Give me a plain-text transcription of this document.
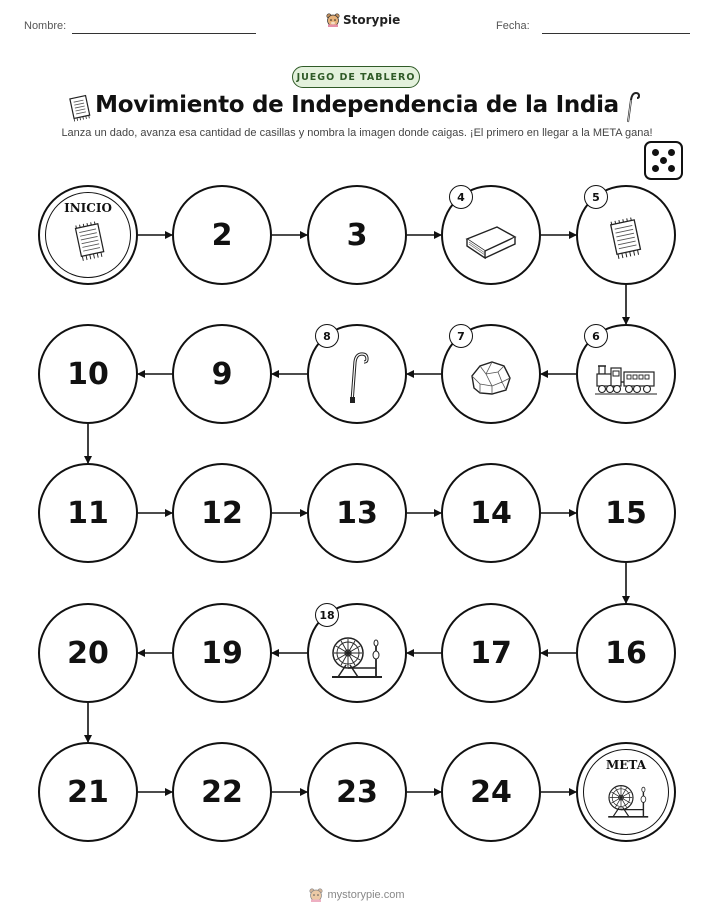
Nombre:	Storypie	Fecha:
JUEGO DE TABLERO
Movimiento de Independencia de la India
Lanza un dado, avanza esa cantidad de casillas y nombra la imagen donde caigas. ¡El primero en llegar a la META gana!
INICIO
2	3
4	5
6
7
8
9
10
11	12	13	14	15
16
17
18
19
20
21	22	23	24
META
mystorypie.com
